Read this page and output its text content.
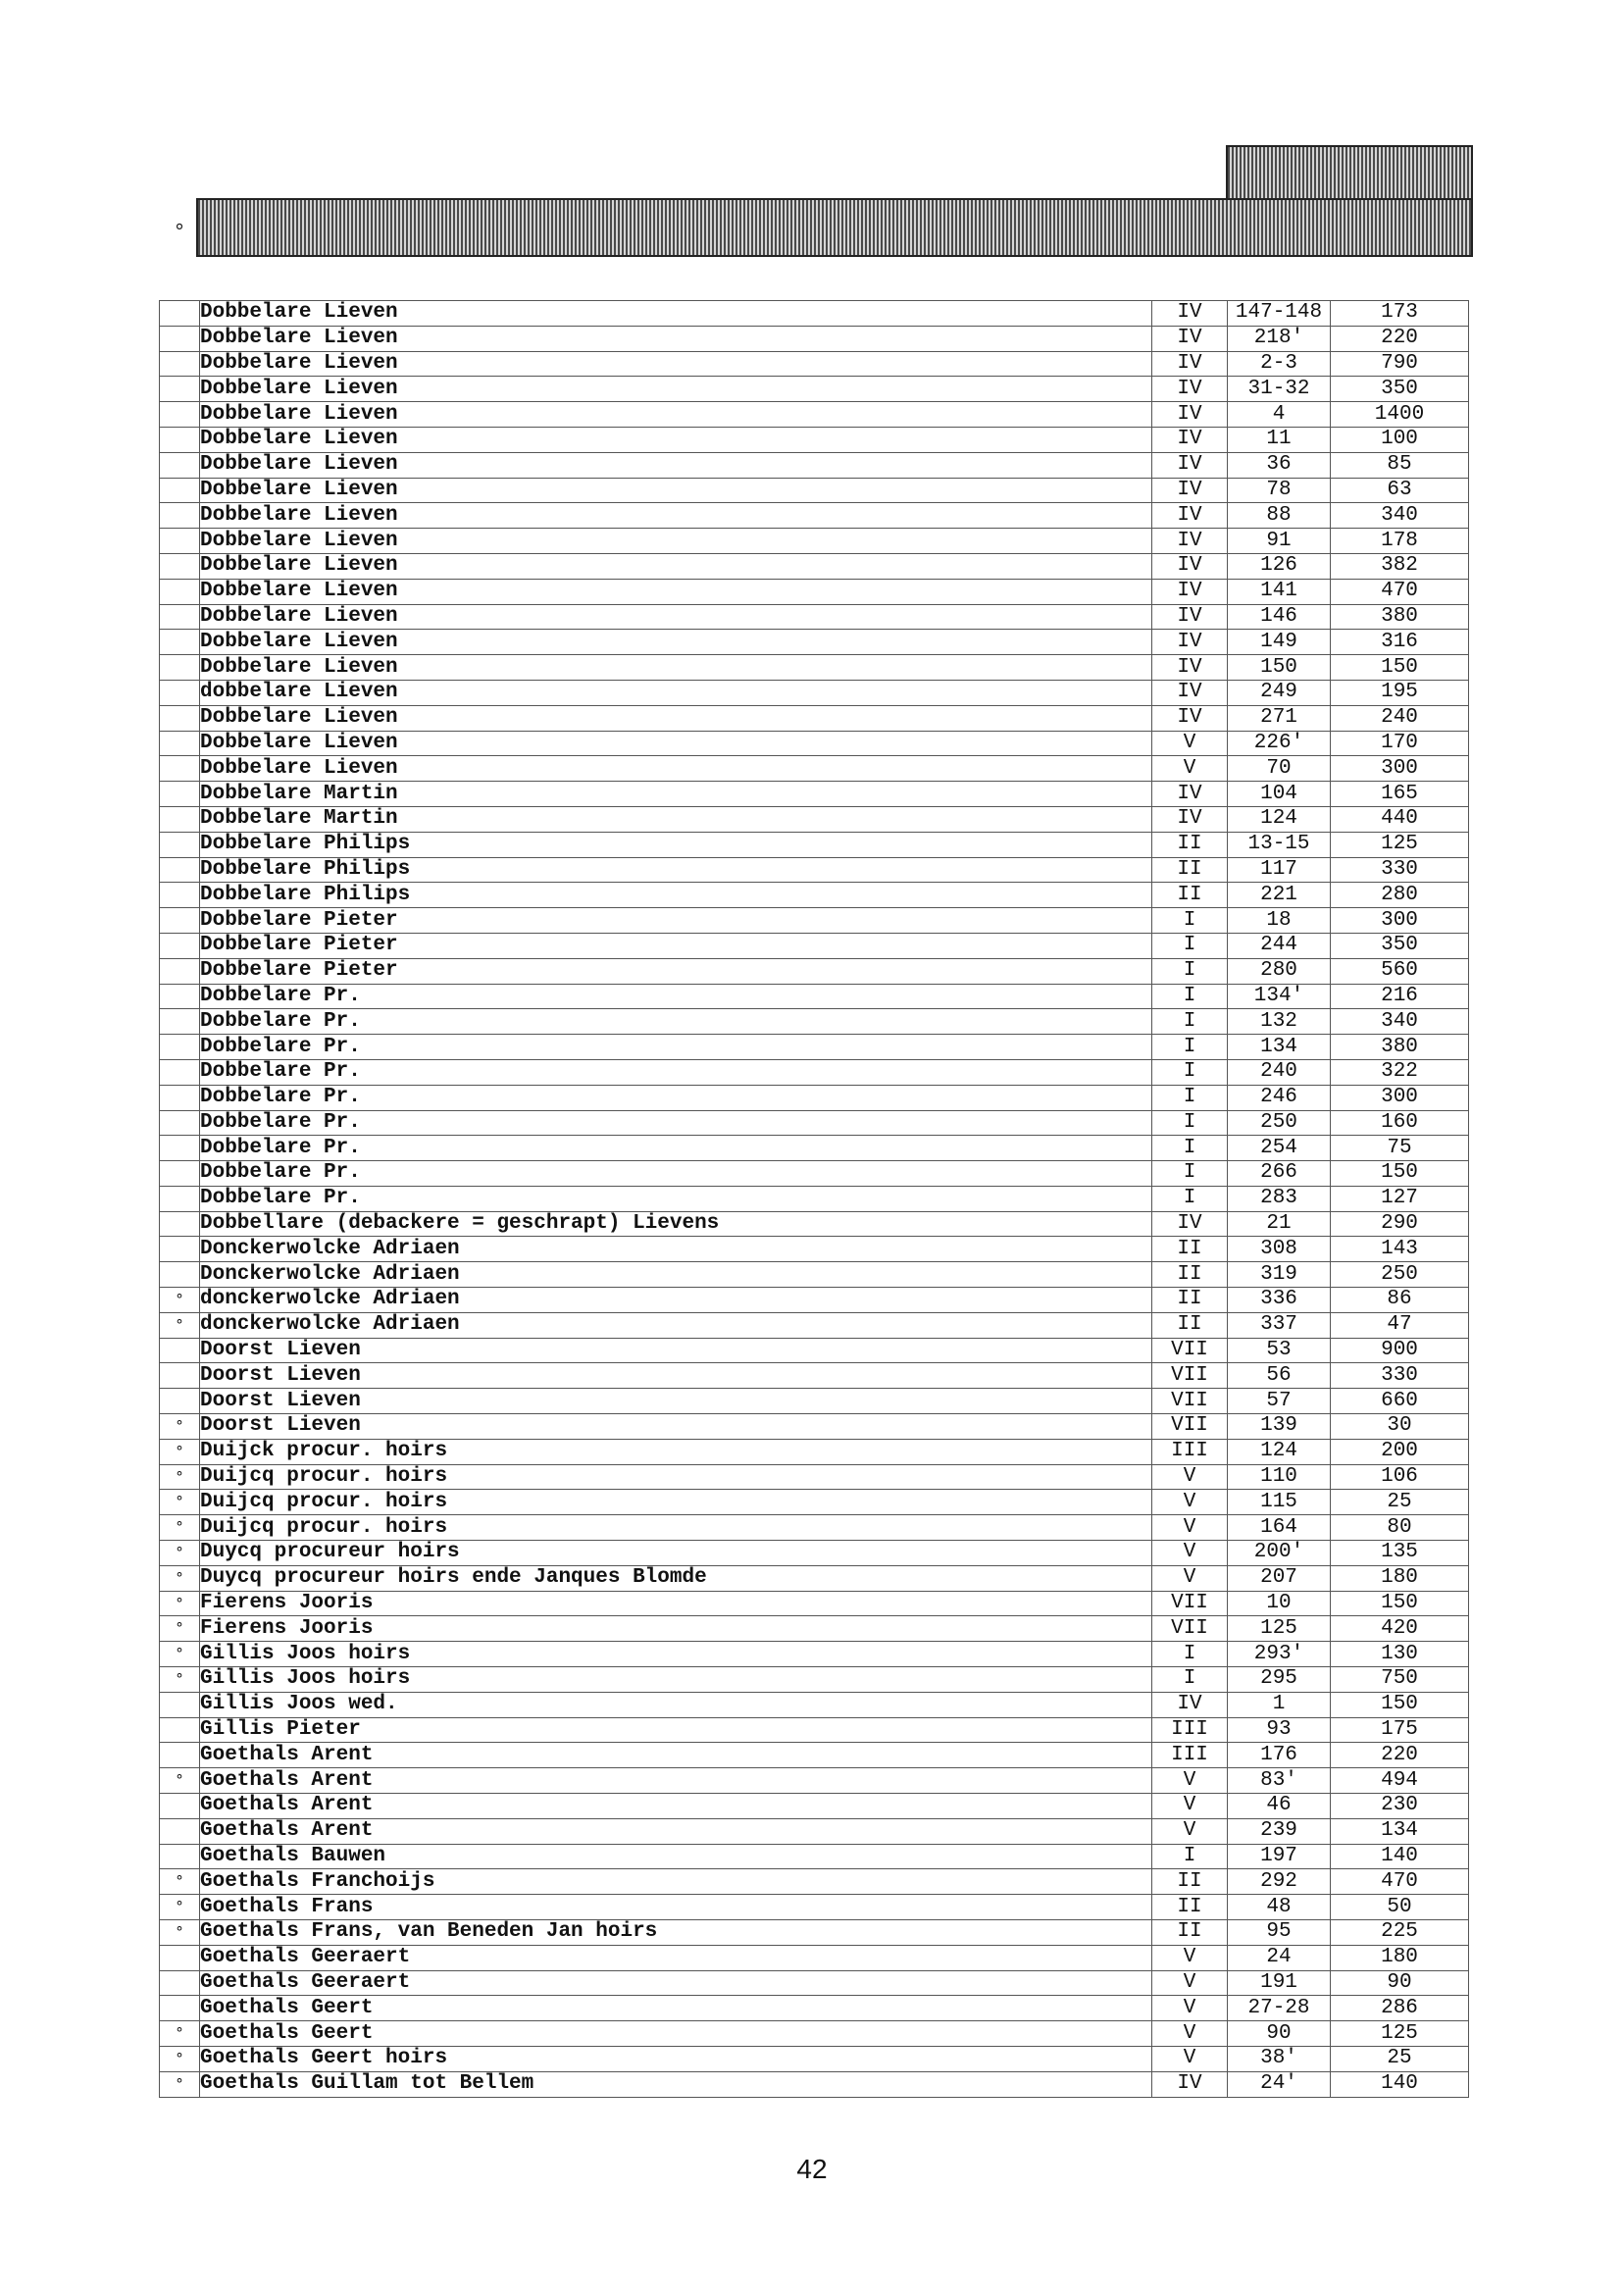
°
	Dobbelare Lieven	IV	147-148	173
	Dobbelare Lieven	IV	218'	220
	Dobbelare Lieven	IV	2-3	790
	Dobbelare Lieven	IV	31-32	350
	Dobbelare Lieven	IV	4	1400
	Dobbelare Lieven	IV	11	100
	Dobbelare Lieven	IV	36	85
	Dobbelare Lieven	IV	78	63
	Dobbelare Lieven	IV	88	340
	Dobbelare Lieven	IV	91	178
	Dobbelare Lieven	IV	126	382
	Dobbelare Lieven	IV	141	470
	Dobbelare Lieven	IV	146	380
	Dobbelare Lieven	IV	149	316
	Dobbelare Lieven	IV	150	150
	dobbelare Lieven	IV	249	195
	Dobbelare Lieven	IV	271	240
	Dobbelare Lieven	V	226'	170
	Dobbelare Lieven	V	70	300
	Dobbelare Martin	IV	104	165
	Dobbelare Martin	IV	124	440
	Dobbelare Philips	II	13-15	125
	Dobbelare Philips	II	117	330
	Dobbelare Philips	II	221	280
	Dobbelare Pieter	I	18	300
	Dobbelare Pieter	I	244	350
	Dobbelare Pieter	I	280	560
	Dobbelare Pr.	I	134'	216
	Dobbelare Pr.	I	132	340
	Dobbelare Pr.	I	134	380
	Dobbelare Pr.	I	240	322
	Dobbelare Pr.	I	246	300
	Dobbelare Pr.	I	250	160
	Dobbelare Pr.	I	254	75
	Dobbelare Pr.	I	266	150
	Dobbelare Pr.	I	283	127
	Dobbellare (debackere = geschrapt) Lievens	IV	21	290
	Donckerwolcke Adriaen	II	308	143
	Donckerwolcke Adriaen	II	319	250
°	donckerwolcke Adriaen	II	336	86
°	donckerwolcke Adriaen	II	337	47
	Doorst Lieven	VII	53	900
	Doorst Lieven	VII	56	330
	Doorst Lieven	VII	57	660
°	Doorst Lieven	VII	139	30
°	Duijck procur. hoirs	III	124	200
°	Duijcq procur. hoirs	V	110	106
°	Duijcq procur. hoirs	V	115	25
°	Duijcq procur. hoirs	V	164	80
°	Duycq procureur hoirs	V	200'	135
°	Duycq procureur hoirs ende Janques Blomde	V	207	180
°	Fierens Jooris	VII	10	150
°	Fierens Jooris	VII	125	420
°	Gillis Joos hoirs	I	293'	130
°	Gillis Joos hoirs	I	295	750
	Gillis Joos wed.	IV	1	150
	Gillis Pieter	III	93	175
	Goethals Arent	III	176	220
°	Goethals Arent	V	83'	494
	Goethals Arent	V	46	230
	Goethals Arent	V	239	134
	Goethals Bauwen	I	197	140
°	Goethals Franchoijs	II	292	470
°	Goethals Frans	II	48	50
°	Goethals Frans, van Beneden Jan hoirs	II	95	225
	Goethals Geeraert	V	24	180
	Goethals Geeraert	V	191	90
	Goethals Geert	V	27-28	286
°	Goethals Geert	V	90	125
°	Goethals Geert hoirs	V	38'	25
°	Goethals Guillam tot Bellem	IV	24'	140
42
